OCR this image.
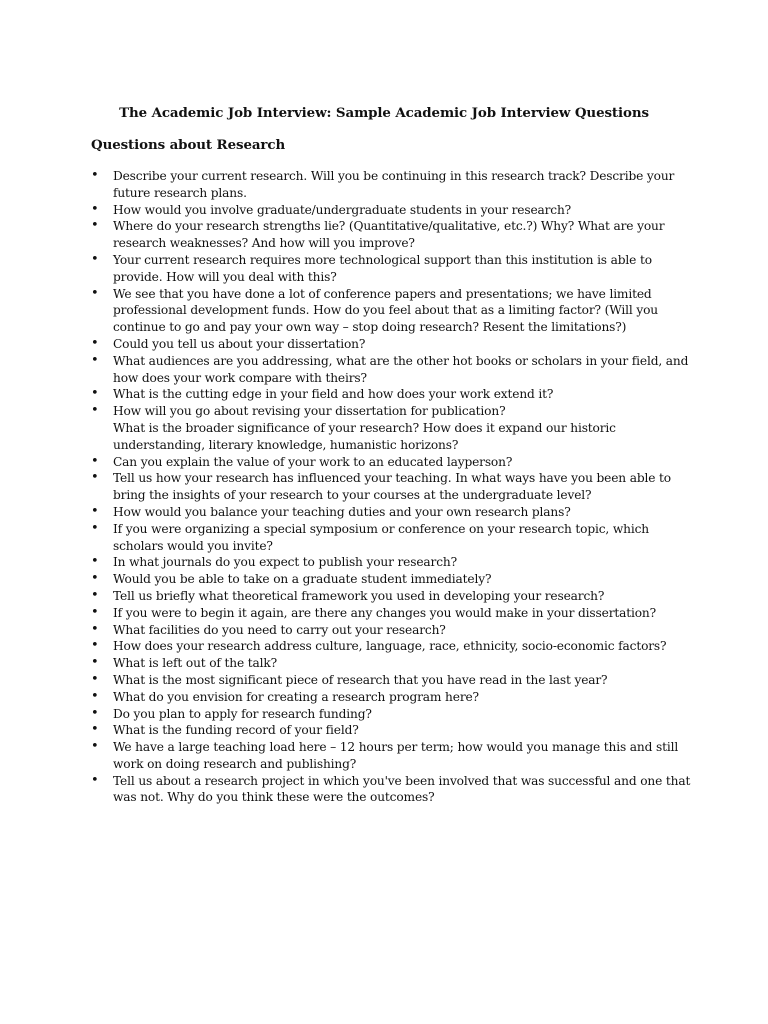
The Academic Job Interview: Sample Academic Job Interview Questions
Questions about Research
•	Describe your current research. Will you be continuing in this research track? Describe your
future research plans.
•	How would you involve graduate/undergraduate students in your research?
•	Where do your research strengths lie? (Quantitative/qualitative, etc.?) Why? What are your
research weaknesses? And how will you improve?
•	Your current research requires more technological support than this institution is able to
provide. How will you deal with this?
•	We see that you have done a lot of conference papers and presentations; we have limited
professional development funds. How do you feel about that as a limiting factor? (Will you
continue to go and pay your own way – stop doing research? Resent the limitations?)
•	Could you tell us about your dissertation?
•	What audiences are you addressing, what are the other hot books or scholars in your field, and
how does your work compare with theirs?
•	What is the cutting edge in your field and how does your work extend it?
•	How will you go about revising your dissertation for publication?
What is the broader significance of your research? How does it expand our historic
understanding, literary knowledge, humanistic horizons?
•	Can you explain the value of your work to an educated layperson?
•	Tell us how your research has influenced your teaching. In what ways have you been able to
bring the insights of your research to your courses at the undergraduate level?
•	How would you balance your teaching duties and your own research plans?
•	If you were organizing a special symposium or conference on your research topic, which
scholars would you invite?
•	In what journals do you expect to publish your research?
•	Would you be able to take on a graduate student immediately?
•	Tell us briefly what theoretical framework you used in developing your research?
•	If you were to begin it again, are there any changes you would make in your dissertation?
•	What facilities do you need to carry out your research?
•	How does your research address culture, language, race, ethnicity, socio-economic factors?
•	What is left out of the talk?
•	What is the most significant piece of research that you have read in the last year?
•	What do you envision for creating a research program here?
•	Do you plan to apply for research funding?
•	What is the funding record of your field?
•	We have a large teaching load here – 12 hours per term; how would you manage this and still
work on doing research and publishing?
•	Tell us about a research project in which you've been involved that was successful and one that
was not. Why do you think these were the outcomes?
